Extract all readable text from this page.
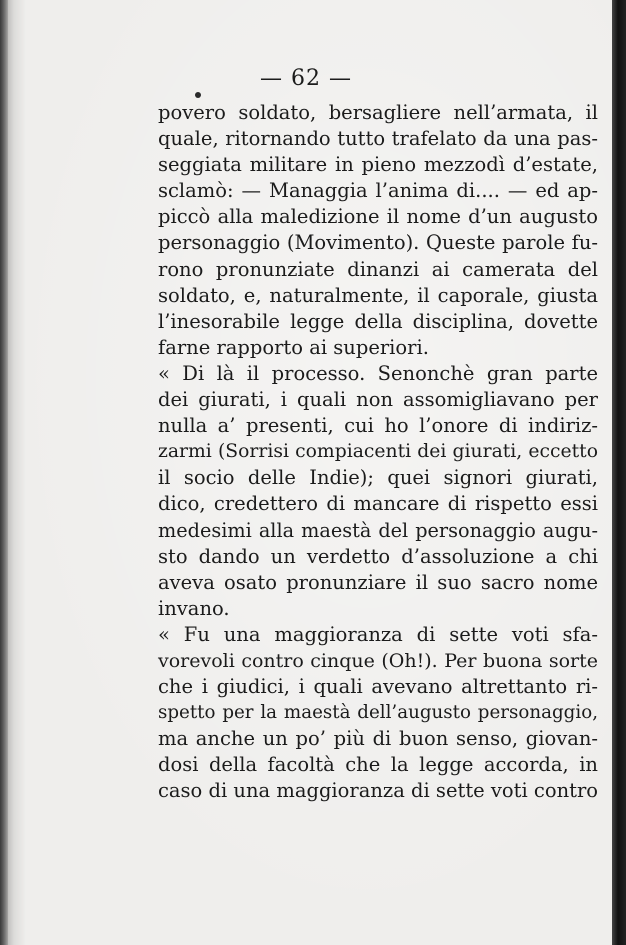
— 62 —
povero soldato, bersagliere nell’armata, il
quale, ritornando tutto trafelato da una pas-
seggiata militare in pieno mezzodì d’estate,
sclamò: — Managgia l’anima di.... — ed ap-
piccò alla maledizione il nome d’un augusto
personaggio (Movimento). Queste parole fu-
rono pronunziate dinanzi ai camerata del
soldato, e, naturalmente, il caporale, giusta
l’inesorabile legge della disciplina, dovette
farne rapporto ai superiori.
« Di là il processo. Senonchè gran parte
dei giurati, i quali non assomigliavano per
nulla a’ presenti, cui ho l’onore di indiriz-
zarmi (Sorrisi compiacenti dei giurati, eccetto
il socio delle Indie); quei signori giurati,
dico, credettero di mancare di rispetto essi
medesimi alla maestà del personaggio augu-
sto dando un verdetto d’assoluzione a chi
aveva osato pronunziare il suo sacro nome
invano.
« Fu una maggioranza di sette voti sfa-
vorevoli contro cinque (Oh!). Per buona sorte
che i giudici, i quali avevano altrettanto ri-
spetto per la maestà dell’augusto personaggio,
ma anche un po’ più di buon senso, giovan-
dosi della facoltà che la legge accorda, in
caso di una maggioranza di sette voti contro
